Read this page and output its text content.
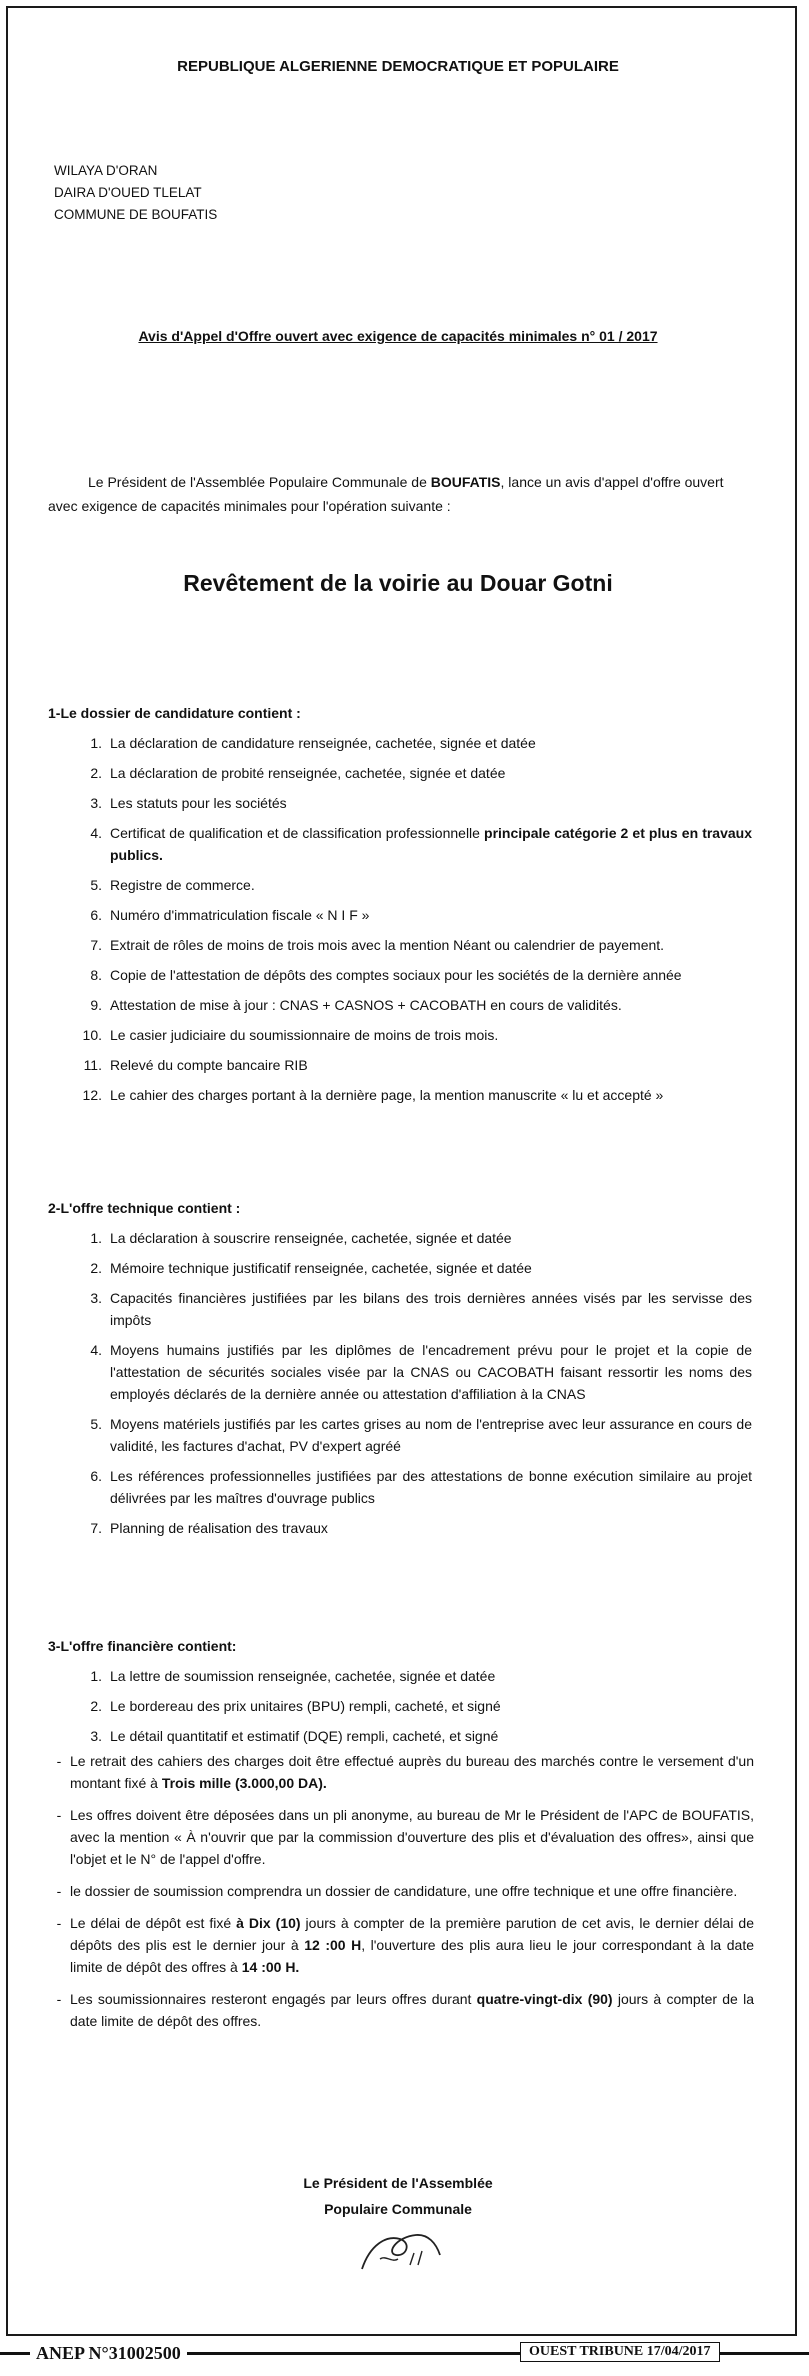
REPUBLIQUE ALGERIENNE DEMOCRATIQUE ET POPULAIRE
WILAYA D'ORAN
DAIRA D'OUED TLELAT
COMMUNE DE BOUFATIS
Avis d'Appel d'Offre ouvert avec exigence de capacités minimales n° 01 / 2017
Le Président de l'Assemblée Populaire Communale de BOUFATIS, lance un avis d'appel d'offre ouvert avec exigence de capacités minimales pour l'opération suivante :
Revêtement de la voirie au Douar Gotni
1-Le dossier de candidature contient :
1. La déclaration de candidature renseignée, cachetée, signée et datée
2. La déclaration de probité renseignée, cachetée, signée et datée
3. Les statuts pour les sociétés
4. Certificat de qualification et de classification professionnelle principale catégorie 2 et plus en travaux publics.
5. Registre de commerce.
6. Numéro d'immatriculation fiscale « N I F »
7. Extrait de rôles de moins de trois mois avec la mention Néant ou calendrier de payement.
8. Copie de l'attestation de dépôts des comptes sociaux pour les sociétés de la dernière année
9. Attestation de mise à jour : CNAS + CASNOS + CACOBATH en cours de validités.
10. Le casier judiciaire du soumissionnaire de moins de trois mois.
11. Relevé du compte bancaire RIB
12. Le cahier des charges portant à la dernière page, la mention manuscrite « lu et accepté »
2-L'offre technique contient :
1. La déclaration à souscrire renseignée, cachetée, signée et datée
2. Mémoire technique justificatif renseignée, cachetée, signée et datée
3. Capacités financières justifiées par les bilans des trois dernières années visés par les servisse des impôts
4. Moyens humains justifiés par les diplômes de l'encadrement prévu pour le projet et la copie de l'attestation de sécurités sociales visée par la CNAS ou CACOBATH faisant ressortir les noms des employés déclarés de la dernière année ou attestation d'affiliation à la CNAS
5. Moyens matériels justifiés par les cartes grises au nom de l'entreprise avec leur assurance en cours de validité, les factures d'achat, PV d'expert agréé
6. Les références professionnelles justifiées par des attestations de bonne exécution similaire au projet délivrées par les maîtres d'ouvrage publics
7. Planning de réalisation des travaux
3-L'offre financière contient:
1. La lettre de soumission renseignée, cachetée, signée et datée
2. Le bordereau des prix unitaires (BPU) rempli, cacheté, et signé
3. Le détail quantitatif et estimatif (DQE) rempli, cacheté, et signé
- Le retrait des cahiers des charges doit être effectué auprès du bureau des marchés contre le versement d'un montant fixé à Trois mille (3.000,00 DA).
- Les offres doivent être déposées dans un pli anonyme, au bureau de Mr le Président de l'APC de BOUFATIS, avec la mention « À n'ouvrir que par la commission d'ouverture des plis et d'évaluation des offres», ainsi que l'objet et le N° de l'appel d'offre.
- le dossier de soumission comprendra un dossier de candidature, une offre technique et une offre financière.
- Le délai de dépôt est fixé à Dix (10) jours à compter de la première parution de cet avis, le dernier délai de dépôts des plis est le dernier jour à 12 :00 H, l'ouverture des plis aura lieu le jour correspondant à la date limite de dépôt des offres à 14 :00 H.
- Les soumissionnaires resteront engagés par leurs offres durant quatre-vingt-dix (90) jours à compter de la date limite de dépôt des offres.
Le Président de l'Assemblée
Populaire Communale
ANEP N°31002500	OUEST TRIBUNE 17/04/2017
